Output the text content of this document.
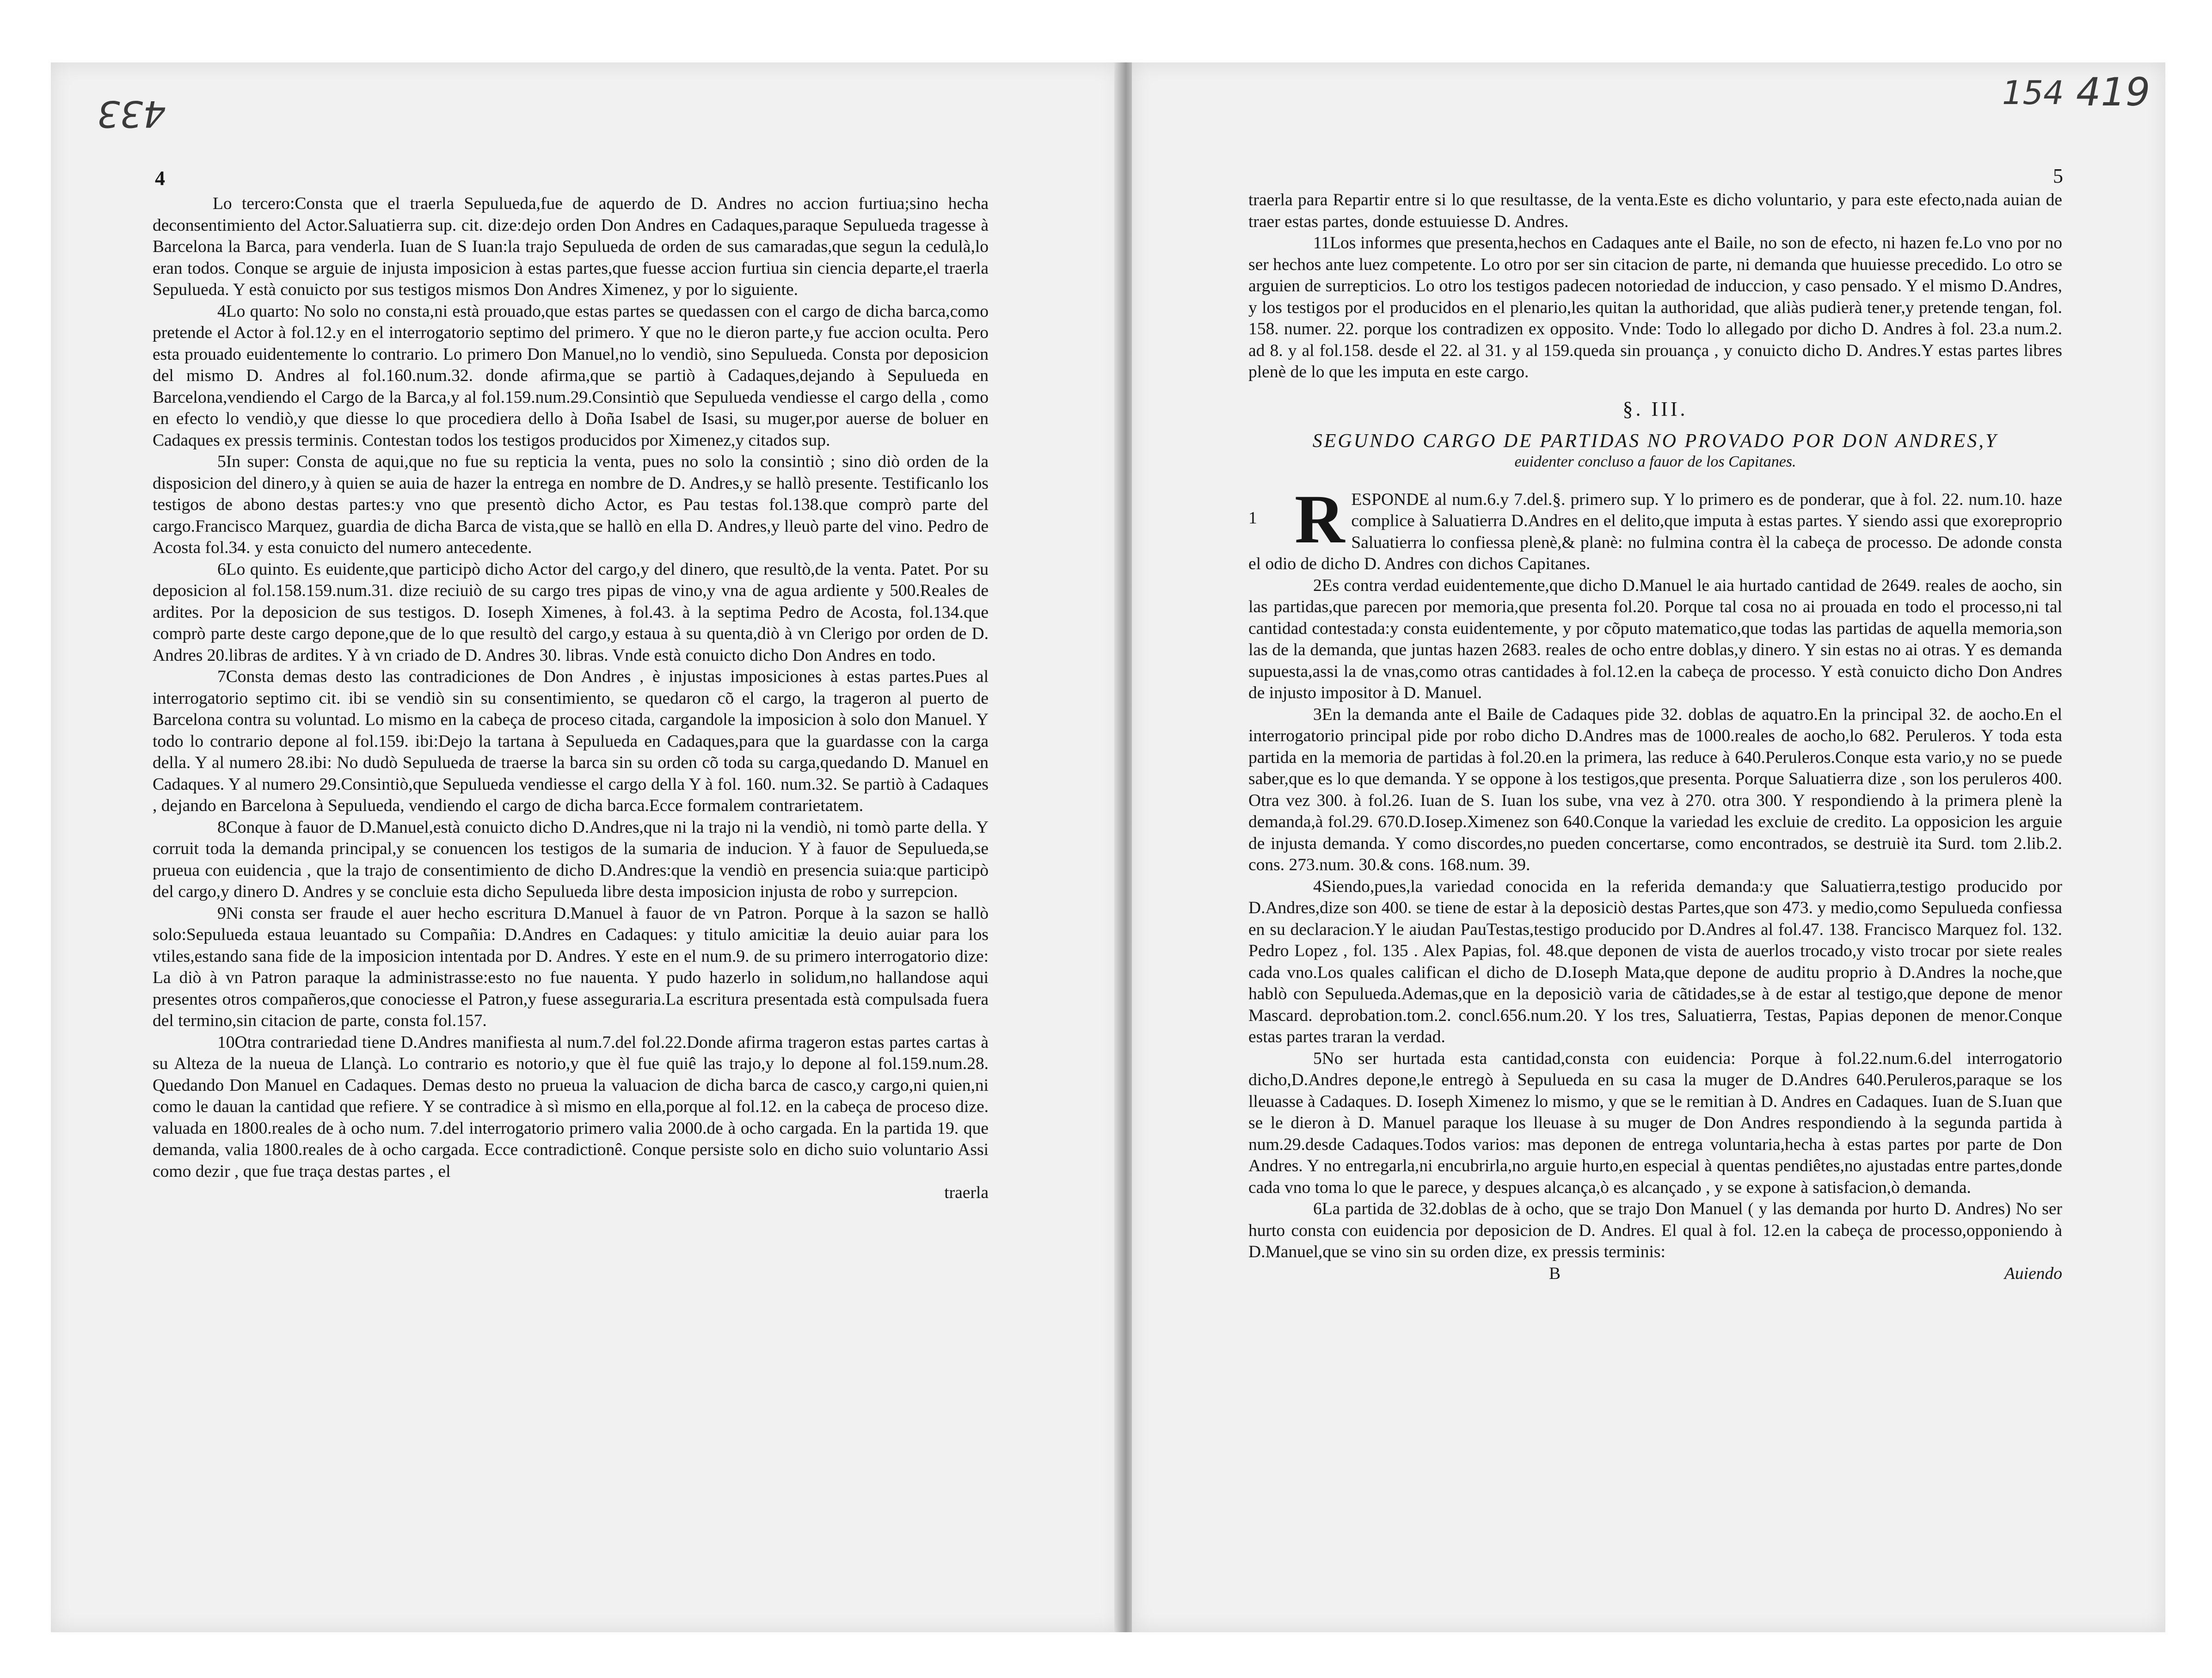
433
4

Lo tercero:Consta que el traerla Sepulueda,fue de aquerdo de D. Andres no accion furtiua;sino hecha deconsentimiento del Actor.Saluatierra sup. cit. dize:dejo orden Don Andres en Cadaques,paraque Sepulueda tragesse à Barcelona la Barca, para venderla. Iuan de S Iuan:la trajo Sepulueda de orden de sus camaradas,que segun la cedulà,lo eran todos. Conque se arguie de injusta imposicion à estas partes,que fuesse accion furtiua sin ciencia departe,el traerla Sepulueda. Y està conuicto por sus testigos mismos Don Andres Ximenez, y por lo siguiente.

4Lo quarto: No solo no consta,ni està prouado,que estas partes se quedassen con el cargo de dicha barca,como pretende el Actor à fol.12.y en el interrogatorio septimo del primero. Y que no le dieron parte,y fue accion oculta. Pero esta prouado euidentemente lo contrario. Lo primero Don Manuel,no lo vendiò, sino Sepulueda. Consta por deposicion del mismo D. Andres al fol.160.num.32. donde afirma,que se partiò à Cadaques,dejando à Sepulueda en Barcelona,vendiendo el Cargo de la Barca,y al fol.159.num.29.Consintiò que Sepulueda vendiesse el cargo della , como en efecto lo vendiò,y que diesse lo que procediera dello à Doña Isabel de Isasi, su muger,por auerse de boluer en Cadaques ex pressis terminis. Contestan todos los testigos producidos por Ximenez,y citados sup.

5In super: Consta de aqui,que no fue su repticia la venta, pues no solo la consintiò ; sino diò orden de la disposicion del dinero,y à quien se auia de hazer la entrega en nombre de D. Andres,y se hallò presente. Testificanlo los testigos de abono destas partes:y vno que presentò dicho Actor, es Pau testas fol.138.que comprò parte del cargo.Francisco Marquez, guardia de dicha Barca de vista,que se hallò en ella D. Andres,y lleuò parte del vino. Pedro de Acosta fol.34. y esta conuicto del numero antecedente.

6Lo quinto. Es euidente,que participò dicho Actor del cargo,y del dinero, que resultò,de la venta. Patet. Por su deposicion al fol.158.159.num.31. dize reciuiò de su cargo tres pipas de vino,y vna de agua ardiente y 500.Reales de ardites. Por la deposicion de sus testigos. D. Ioseph Ximenes, à fol.43. à la septima Pedro de Acosta, fol.134.que comprò parte deste cargo depone,que de lo que resultò del cargo,y estaua à su quenta,diò à vn Clerigo por orden de D. Andres 20.libras de ardites. Y à vn criado de D. Andres 30. libras. Vnde està conuicto dicho Don Andres en todo.

7Consta demas desto las contradiciones de Don Andres , è injustas imposiciones à estas partes.Pues al interrogatorio septimo cit. ibi se vendiò sin su consentimiento, se quedaron cõ el cargo, la trageron al puerto de Barcelona contra su voluntad. Lo mismo en la cabeça de proceso citada, cargandole la imposicion à solo don Manuel. Y todo lo contrario depone al fol.159. ibi:Dejo la tartana à Sepulueda en Cadaques,para que la guardasse con la carga della. Y al numero 28.ibi: No dudò Sepulueda de traerse la barca sin su orden cõ toda su carga,quedando D. Manuel en Cadaques. Y al numero 29.Consintiò,que Sepulueda vendiesse el cargo della Y à fol. 160. num.32. Se partiò à Cadaques , dejando en Barcelona à Sepulueda, vendiendo el cargo de dicha barca.Ecce formalem contrarietatem.

8Conque à fauor de D.Manuel,està conuicto dicho D.Andres,que ni la trajo ni la vendiò, ni tomò parte della. Y corruit toda la demanda principal,y se conuencen los testigos de la sumaria de inducion. Y à fauor de Sepulueda,se prueua con euidencia , que la trajo de consentimiento de dicho D.Andres:que la vendiò en presencia suia:que participò del cargo,y dinero D. Andres y se concluie esta dicho Sepulueda libre desta imposicion injusta de robo y surrepcion.

9Ni consta ser fraude el auer hecho escritura D.Manuel à fauor de vn Patron. Porque à la sazon se hallò solo:Sepulueda estaua leuantado su Compañia: D.Andres en Cadaques: y titulo amicitiæ la deuio auiar para los vtiles,estando sana fide de la imposicion intentada por D. Andres. Y este en el num.9. de su primero interrogatorio dize: La diò à vn Patron paraque la administrasse:esto no fue nauenta. Y pudo hazerlo in solidum,no hallandose aqui presentes otros compañeros,que conociesse el Patron,y fuese asseguraria.La escritura presentada està compulsada fuera del termino,sin citacion de parte, consta fol.157.

10Otra contrariedad tiene D.Andres manifiesta al num.7.del fol.22.Donde afirma trageron estas partes cartas à su Alteza de la nueua de Llançà. Lo contrario es notorio,y que èl fue quiê las trajo,y lo depone al fol.159.num.28. Quedando Don Manuel en Cadaques. Demas desto no prueua la valuacion de dicha barca de casco,y cargo,ni quien,ni como le dauan la cantidad que refiere. Y se contradice à sì mismo en ella,porque al fol.12. en la cabeça de proceso dize. valuada en 1800.reales de à ocho num. 7.del interrogatorio primero valia 2000.de à ocho cargada. En la partida 19. que demanda, valia 1800.reales de à ocho cargada. Ecce contradictionê. Conque persiste solo en dicho suio voluntario Assi como dezir , que fue traça destas partes , el

traerla

154 419
5

traerla para Repartir entre si lo que resultasse, de la venta.Este es dicho voluntario, y para este efecto,nada auian de traer estas partes, donde estuuiesse D. Andres.

11Los informes que presenta,hechos en Cadaques ante el Baile, no son de efecto, ni hazen fe.Lo vno por no ser hechos ante luez competente. Lo otro por ser sin citacion de parte, ni demanda que huuiesse precedido. Lo otro se arguien de surrepticios. Lo otro los testigos padecen notoriedad de induccion, y caso pensado. Y el mismo D.Andres, y los testigos por el producidos en el plenario,les quitan la authoridad, que aliàs pudierà tener,y pretende tengan, fol. 158. numer. 22. porque los contradizen ex opposito. Vnde: Todo lo allegado por dicho D. Andres à fol. 23.a num.2. ad 8. y al fol.158. desde el 22. al 31. y al 159.queda sin prouança , y conuicto dicho D. Andres.Y estas partes libres plenè de lo que les imputa en este cargo.

§. III.

SEGUNDO CARGO DE PARTIDAS NO PROVADO POR DON ANDRES,Y

euidenter concluso a fauor de los Capitanes.

1 R ESPONDE al num.6.y 7.del.§. primero sup. Y lo primero es de ponderar, que à fol. 22. num.10. haze complice à Saluatierra D.Andres en el delito,que imputa à estas partes. Y siendo assi que exoreproprio Saluatierra lo confiessa plenè,& planè: no fulmina contra èl la cabeça de processo. De adonde consta el odio de dicho D. Andres con dichos Capitanes.

2Es contra verdad euidentemente,que dicho D.Manuel le aia hurtado cantidad de 2649. reales de aocho, sin las partidas,que parecen por memoria,que presenta fol.20. Porque tal cosa no ai prouada en todo el processo,ni tal cantidad contestada:y consta euidentemente, y por cõputo matematico,que todas las partidas de aquella memoria,son las de la demanda, que juntas hazen 2683. reales de ocho entre doblas,y dinero. Y sin estas no ai otras. Y es demanda supuesta,assi la de vnas,como otras cantidades à fol.12.en la cabeça de processo. Y està conuicto dicho Don Andres de injusto impositor à D. Manuel.

3En la demanda ante el Baile de Cadaques pide 32. doblas de aquatro.En la principal 32. de aocho.En el interrogatorio principal pide por robo dicho D.Andres mas de 1000.reales de aocho,lo 682. Peruleros. Y toda esta partida en la memoria de partidas à fol.20.en la primera, las reduce à 640.Peruleros.Conque esta vario,y no se puede saber,que es lo que demanda. Y se oppone à los testigos,que presenta. Porque Saluatierra dize , son los peruleros 400. Otra vez 300. à fol.26. Iuan de S. Iuan los sube, vna vez à 270. otra 300. Y respondiendo à la primera plenè la demanda,à fol.29. 670.D.Iosep.Ximenez son 640.Conque la variedad les excluie de credito. La opposicion les arguie de injusta demanda. Y como discordes,no pueden concertarse, como encontrados, se destruiè ita Surd. tom 2.lib.2. cons. 273.num. 30.& cons. 168.num. 39.

4Siendo,pues,la variedad conocida en la referida demanda:y que Saluatierra,testigo producido por D.Andres,dize son 400. se tiene de estar à la deposiciò destas Partes,que son 473. y medio,como Sepulueda confiessa en su declaracion.Y le aiudan PauTestas,testigo producido por D.Andres al fol.47. 138. Francisco Marquez fol. 132. Pedro Lopez , fol. 135 . Alex Papias, fol. 48.que deponen de vista de auerlos trocado,y visto trocar por siete reales cada vno.Los quales califican el dicho de D.Ioseph Mata,que depone de auditu proprio à D.Andres la noche,que hablò con Sepulueda.Ademas,que en la deposiciò varia de cãtidades,se à de estar al testigo,que depone de menor Mascard. deprobation.tom.2. concl.656.num.20. Y los tres, Saluatierra, Testas, Papias deponen de menor.Conque estas partes traran la verdad.

5No ser hurtada esta cantidad,consta con euidencia: Porque à fol.22.num.6.del interrogatorio dicho,D.Andres depone,le entregò à Sepulueda en su casa la muger de D.Andres 640.Peruleros,paraque se los lleuasse à Cadaques. D. Ioseph Ximenez lo mismo, y que se le remitian à D. Andres en Cadaques. Iuan de S.Iuan que se le dieron à D. Manuel paraque los lleuase à su muger de Don Andres respondiendo à la segunda partida à num.29.desde Cadaques.Todos varios: mas deponen de entrega voluntaria,hecha à estas partes por parte de Don Andres. Y no entregarla,ni encubrirla,no arguie hurto,en especial à quentas pendiêtes,no ajustadas entre partes,donde cada vno toma lo que le parece, y despues alcança,ò es alcançado , y se expone à satisfacion,ò demanda.

6La partida de 32.doblas de à ocho, que se trajo Don Manuel ( y las demanda por hurto D. Andres) No ser hurto consta con euidencia por deposicion de D. Andres. El qual à fol. 12.en la cabeça de processo,opponiendo à D.Manuel,que se vino sin su orden dize, ex pressis terminis:

B	Auiendo
